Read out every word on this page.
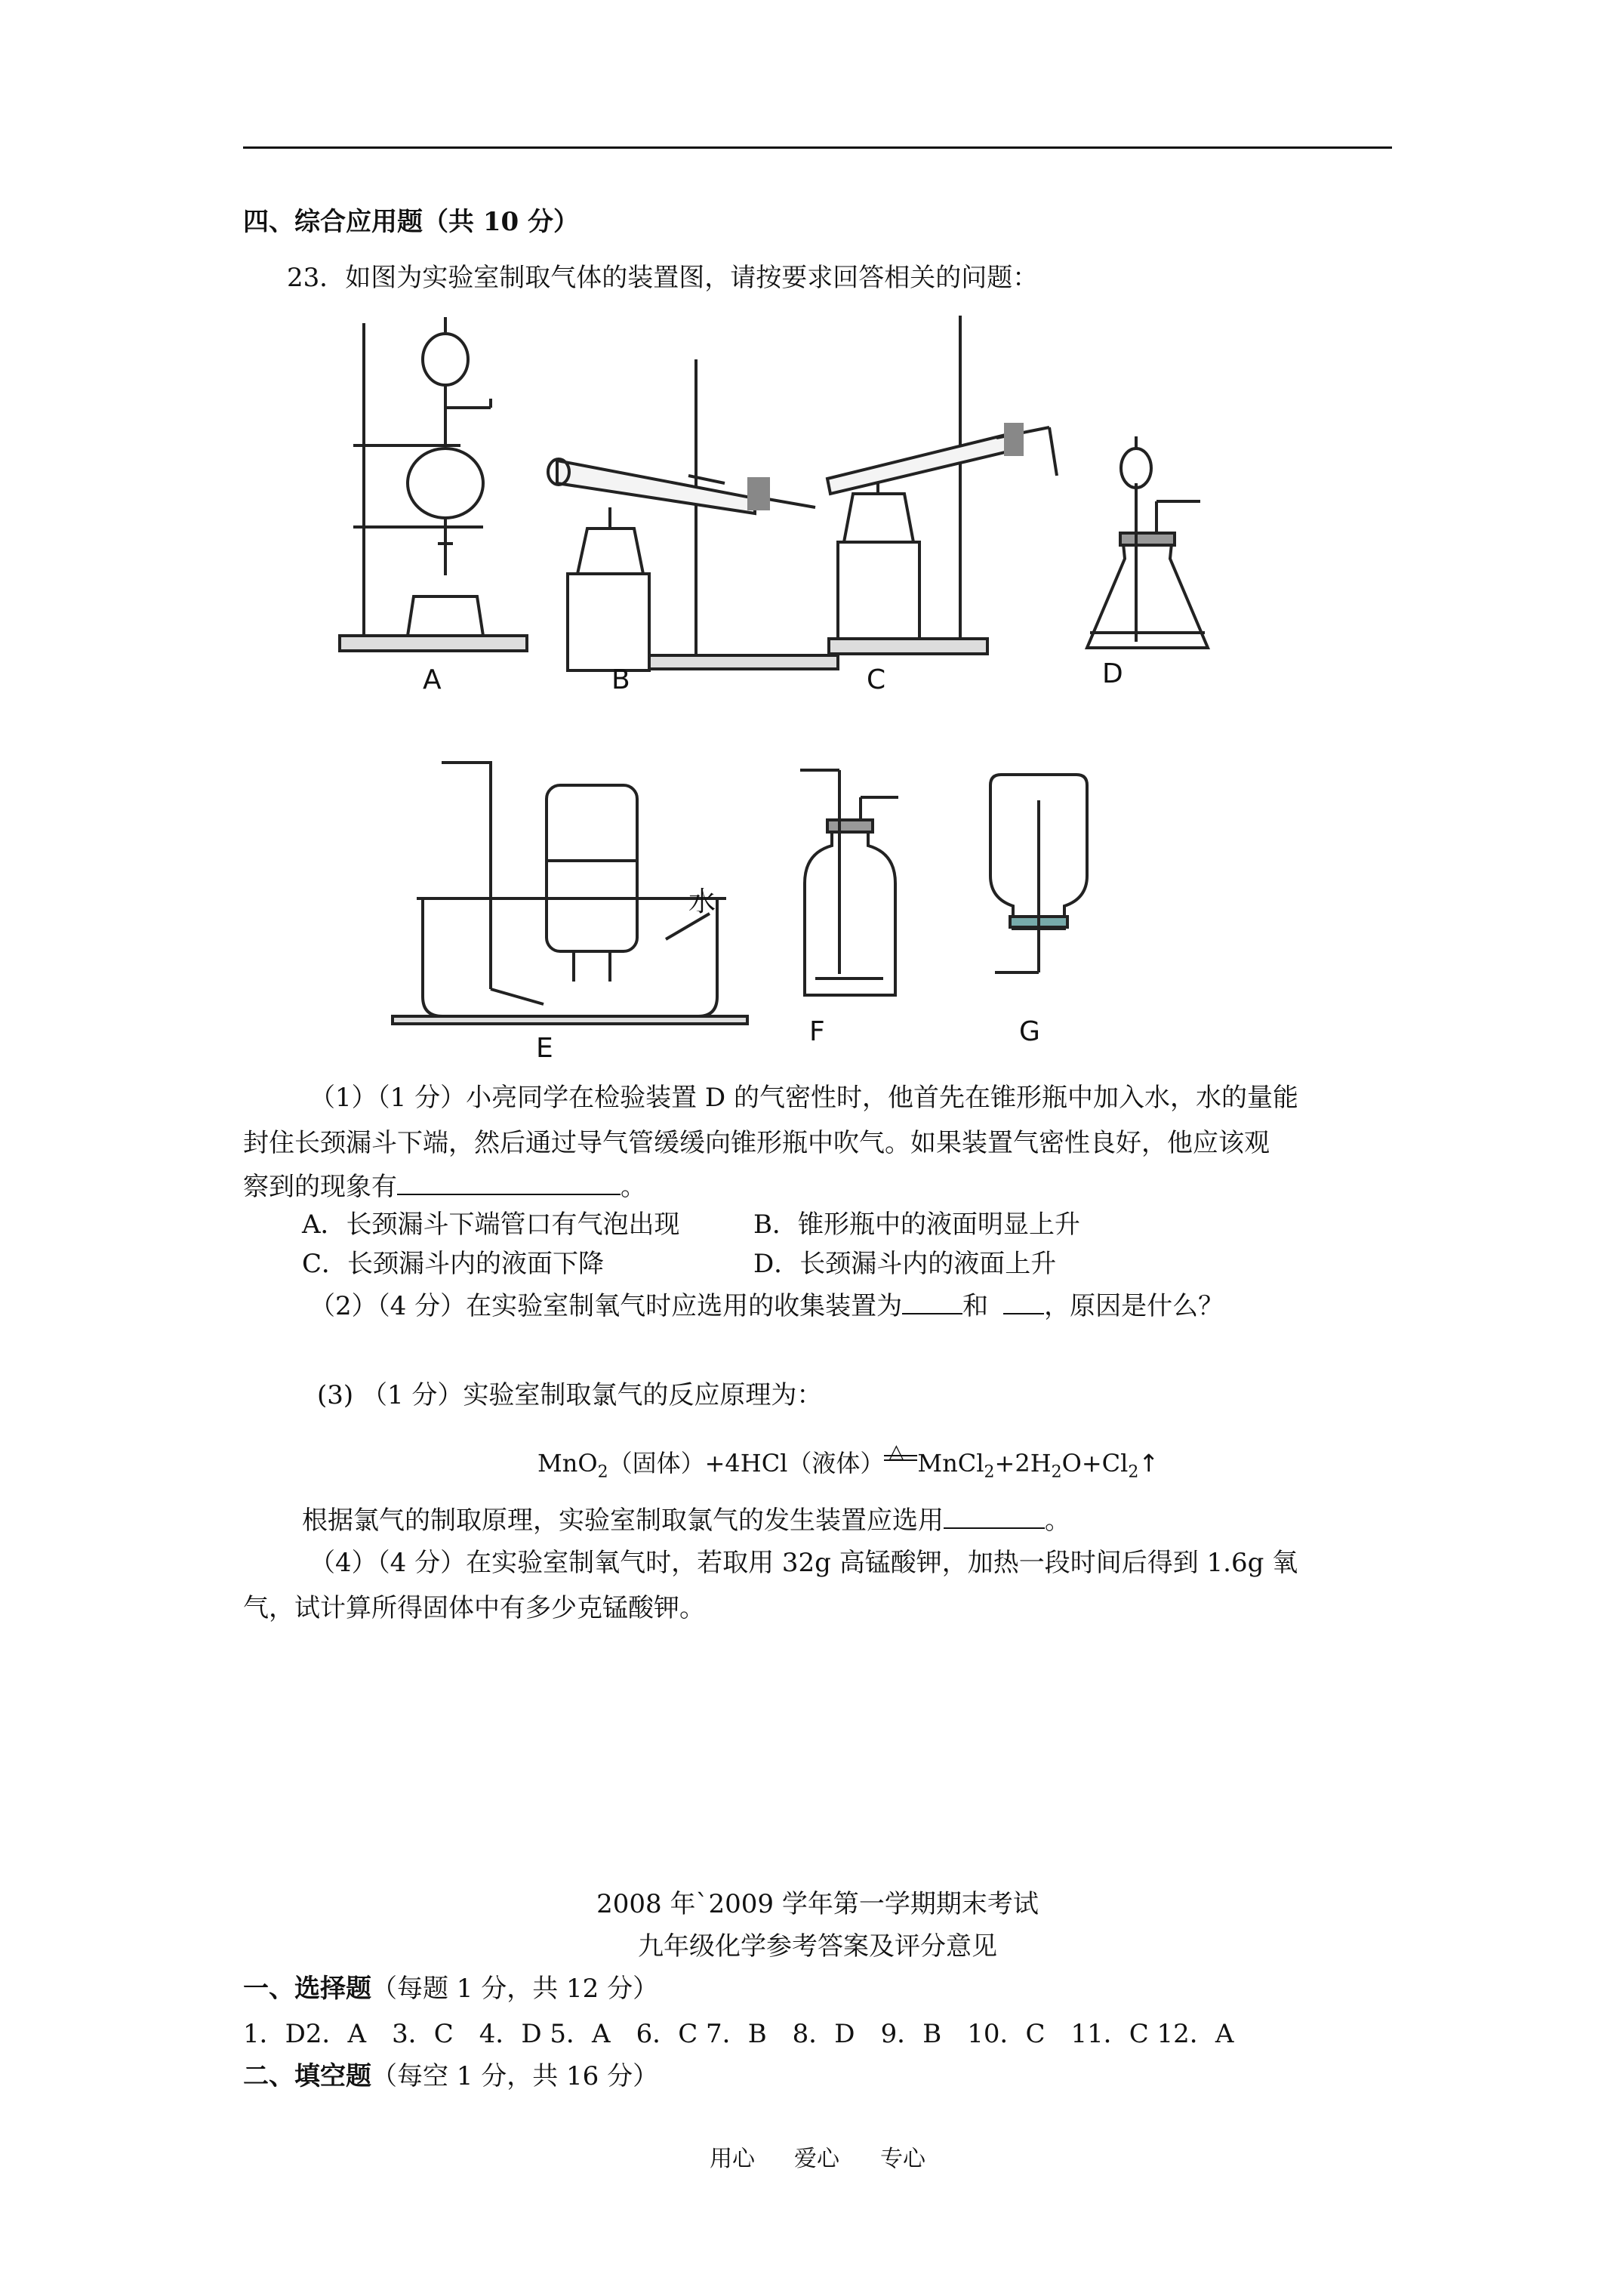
四、综合应用题（共 10 分）
23．如图为实验室制取气体的装置图，请按要求回答相关的问题：
A	B	C	D
E
F	G
水
（1）（1 分）小亮同学在检验装置 D 的气密性时，他首先在锥形瓶中加入水，水的量能
封住长颈漏斗下端，然后通过导气管缓缓向锥形瓶中吹气。如果装置气密性良好，他应该观
察到的现象有	。
A．长颈漏斗下端管口有气泡出现	B．锥形瓶中的液面明显上升
C．长颈漏斗内的液面下降	D．长颈漏斗内的液面上升
（2）（4 分）在实验室制氧气时应选用的收集装置为 和 ，原因是什么？
(3) （1 分）实验室制取氯气的反应原理为：
MnO$_2$（固体）+4HCl（液体） △ $MnCl_2+2H_2O+Cl_2↑$
根据氯气的制取原理，实验室制取氯气的发生装置应选用	。
（4）（4 分）在实验室制氧气时，若取用 32g 高锰酸钾，加热一段时间后得到 1.6g 氧
气，试计算所得固体中有多少克锰酸钾。
2008 年`2009 学年第一学期期末考试
九年级化学参考答案及评分意见
一、选择题（每题 1 分，共 12 分）
1．D2．A　3．C　4．D 5．A　6．C 7．B　8．D　9．B　10．C　11．C 12．A
二、填空题（每空 1 分，共 16 分）
用心 爱心 专心
